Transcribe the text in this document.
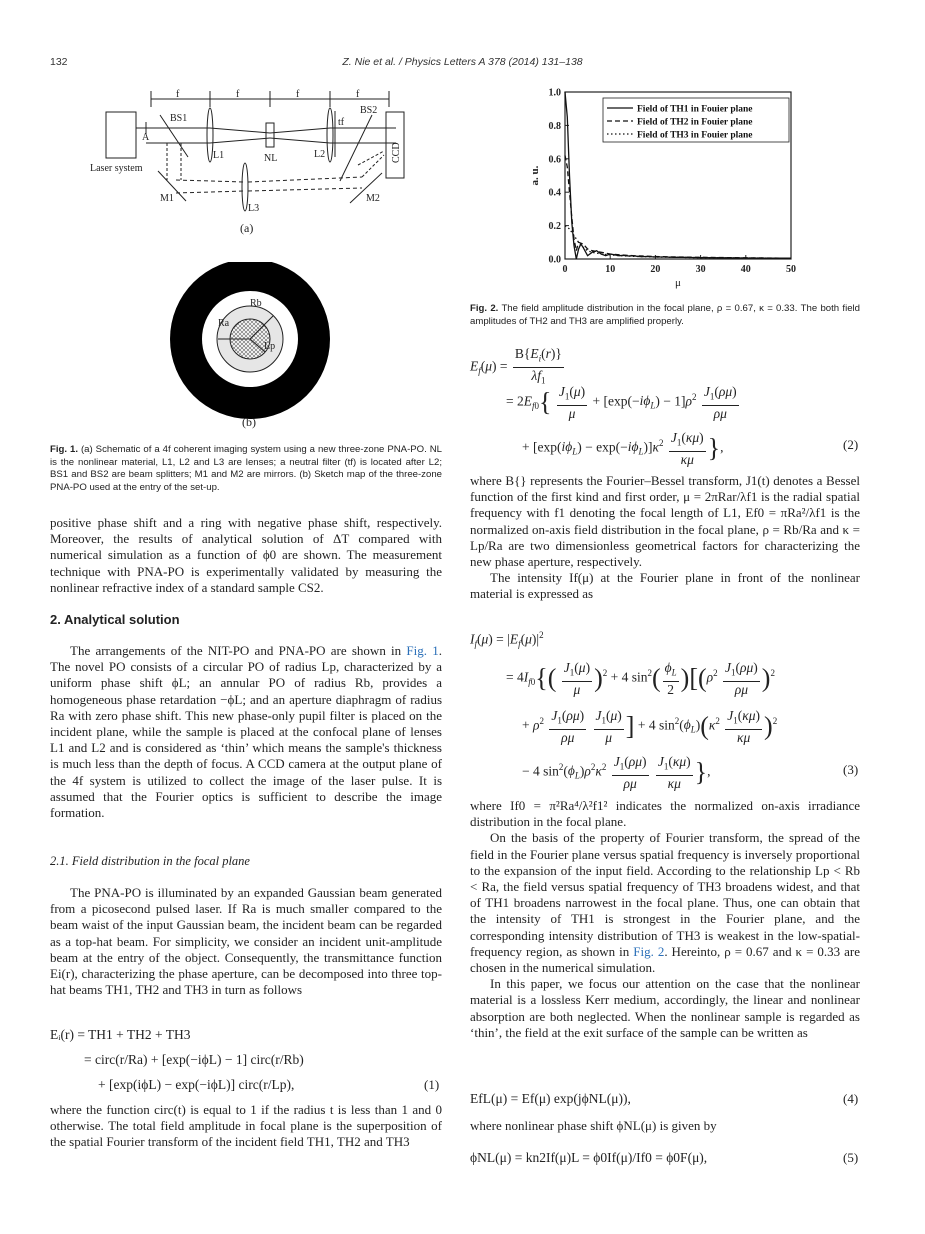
132	Z. Nie et al. / Physics Letters A 378 (2014) 131–138
f	f	f	f
BS1
A
Laser system
L1	NL	L2
tf
BS2
CCD
M1	M2
L3
(a)
Rb
Ra
Lp
(b)
Fig. 1. (a) Schematic of a 4f coherent imaging system using a new three-zone PNA-PO. NL is the nonlinear material, L1, L2 and L3 are lenses; a neutral filter (tf) is located after L2; BS1 and BS2 are beam splitters; M1 and M2 are mirrors. (b) Sketch map of the three-zone PNA-PO used at the entry of the set-up.

positive phase shift and a ring with negative phase shift, respectively. Moreover, the results of analytical solution of ΔT compared with numerical simulation as a function of ϕ0 are shown. The measurement technique with PNA-PO is experimentally validated by measuring the nonlinear refractive index of a standard sample CS2.

2. Analytical solution

The arrangements of the NIT-PO and PNA-PO are shown in Fig. 1. The novel PO consists of a circular PO of radius Lp, characterized by a uniform phase shift ϕL; an annular PO of radius Rb, provides a homogeneous phase retardation −ϕL; and an aperture diaphragm of radius Ra with zero phase shift. This new phase-only pupil filter is placed on the incident plane, while the sample is placed at the confocal plane of lenses L1 and L2 and is considered as ‘thin’ which means the sample's thickness is much less than the depth of focus. A CCD camera at the output plane of the 4f system is utilized to collect the image of the laser pulse. It is assumed that the Fourier optics is sufficient to describe the image formation.

2.1. Field distribution in the focal plane

The PNA-PO is illuminated by an expanded Gaussian beam generated from a picosecond pulsed laser. If Ra is much smaller compared to the beam waist of the input Gaussian beam, the incident beam can be regarded as a top-hat beam. For simplicity, we consider an incident unit-amplitude beam at the entry of the object. Consequently, the transmittance function Ei(r), characterizing the phase aperture, can be decomposed into three top-hat beams TH1, TH2 and TH3 in turn as follows

Eᵢ(r) = TH1 + TH2 + TH3
= circ(r/Ra) + [exp(−iϕL) − 1] circ(r/Rb)
+ [exp(iϕL) − exp(−iϕL)] circ(r/Lp),	(1)

where the function circ(t) is equal to 1 if the radius t is less than 1 and 0 otherwise. The total field amplitude in focal plane is the superposition of the spatial Fourier transform of the incident field TH1, TH2 and TH3

0	10	20	30	40	50
0.0
0.2
0.4
0.6
0.8
1.0
μ
a. u.
Field of TH1 in Fouier plane
Field of TH2 in Fouier plane
Field of TH3 in Fouier plane
Fig. 2. The field amplitude distribution in the focal plane, ρ = 0.67, κ = 0.33. The both field amplitudes of TH2 and TH3 are amplified properly.
$E_f(\mu) = \frac{B\{E_i(r)\}}{\lambda f_1}$
= $2E_{f0}\{ \frac{J_1(\mu)}{\mu} + [\exp(-i\phi_L) - 1]\rho^2 \frac{J_1(\rho\mu)}{\rho\mu}$
+ $[\exp(i\phi_L) - \exp(-i\phi_L)]\kappa^2 \frac{J_1(\kappa\mu)}{\kappa\mu}$ },	(2)

where B{} represents the Fourier–Bessel transform, J1(t) denotes a Bessel function of the first kind and first order, μ = 2πRar/λf1 is the radial spatial frequency with f1 denoting the focal length of L1, Ef0 = πRa²/λf1 is the normalized on-axis field distribution in the focal plane, ρ = Rb/Ra and κ = Lp/Ra are two dimensionless geometrical factors for characterizing the new phase aperture, respectively.

The intensity If(μ) at the Fourier plane in front of the nonlinear material is expressed as

$I_f(\mu) = |E_f(\mu)|^2$
= $4I_{f0}\{( \frac{J_1(\mu)}{\mu} )^2 + 4$ $\sin^2( \frac{\phi_L}{2} )[(\rho^2 \frac{J_1(\rho\mu)}{\rho\mu} )^2$
+ $\rho^2 \frac{J_1(\rho\mu)}{\rho\mu}$
$\frac{J_1(\mu)}{\mu}$ ] + 4 $\sin^2(\phi_L)(\kappa^2 \frac{J_1(\kappa\mu)}{\kappa\mu} )^2$
− 4 $\sin^2(\phi_L)\rho^2\kappa^2 \frac{J_1(\rho\mu)}{\rho\mu}$
$\frac{J_1(\kappa\mu)}{\kappa\mu}$ },	(3)

where If0 = π²Ra⁴/λ²f1² indicates the normalized on-axis irradiance distribution in the focal plane.

On the basis of the property of Fourier transform, the spread of the field in the Fourier plane versus spatial frequency is inversely proportional to the expansion of the input field. According to the relationship Lp < Rb < Ra, the field versus spatial frequency of TH3 broadens widest, and that of TH1 broadens narrowest in the focal plane. Thus, one can obtain that the intensity of TH1 is strongest in the Fourier plane, and the corresponding intensity distribution of TH3 is weakest in the low-spatial-frequency region, as shown in Fig. 2. Hereinto, ρ = 0.67 and κ = 0.33 are chosen in the numerical simulation.

In this paper, we focus our attention on the case that the nonlinear material is a lossless Kerr medium, accordingly, the linear and nonlinear absorption are both neglected. When the nonlinear sample is regarded as ‘thin’, the field at the exit surface of the sample can be written as

EfL(μ) = Ef(μ) exp(jϕNL(μ)),	(4)

where nonlinear phase shift ϕNL(μ) is given by

ϕNL(μ) = kn2If(μ)L = ϕ0If(μ)/If0 = ϕ0F(μ),	(5)
